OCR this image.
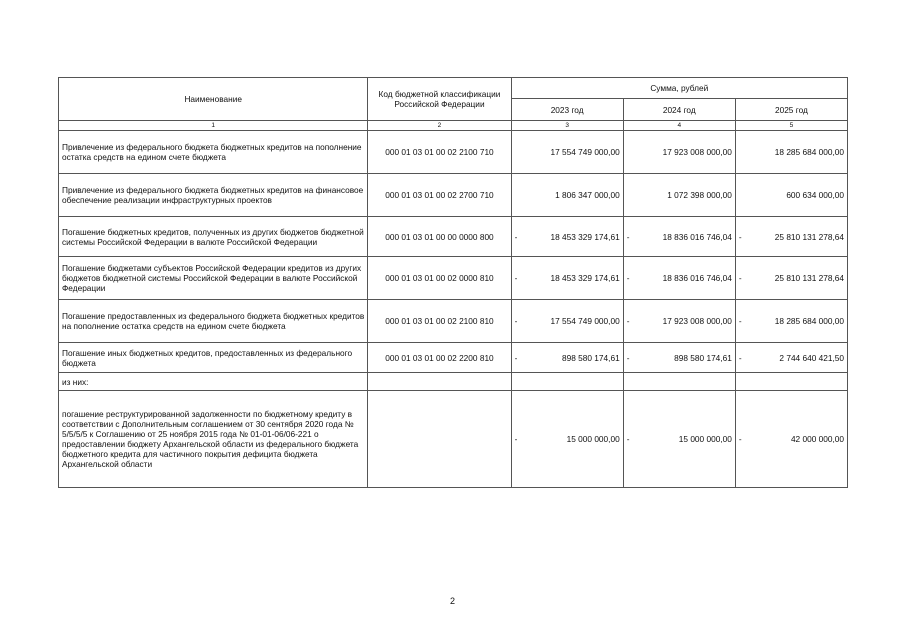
Наименование	Код бюджетной классификации Российской Федерации	Сумма, рублей		
		2023 год	2024 год	2025 год
1	2	3	4	5
Привлечение из федерального бюджета бюджетных кредитов на пополнение остатка средств на едином счете бюджета	000 01 03 01 00 02 2100 710	17 554 749 000,00	17 923 008 000,00	18 285 684 000,00
Привлечение из федерального бюджета бюджетных кредитов на финансовое обеспечение реализации инфраструктурных проектов	000 01 03 01 00 02 2700 710	1 806 347 000,00	1 072 398 000,00	600 634 000,00
Погашение бюджетных кредитов, полученных из других бюджетов бюджетной системы Российской Федерации в валюте Российской Федерации	000 01 03 01 00 00 0000 800	- 18 453 329 174,61	- 18 836 016 746,04	- 25 810 131 278,64
Погашение бюджетами субъектов Российской Федерации кредитов из других бюджетов бюджетной системы Российской Федерации в валюте Российской Федерации	000 01 03 01 00 02 0000 810	- 18 453 329 174,61	- 18 836 016 746,04	- 25 810 131 278,64
Погашение предоставленных из федерального бюджета бюджетных кредитов на пополнение остатка средств на едином счете бюджета	000 01 03 01 00 02 2100 810	- 17 554 749 000,00	- 17 923 008 000,00	- 18 285 684 000,00
Погашение иных бюджетных кредитов, предоставленных из федерального бюджета	000 01 03 01 00 02 2200 810	- 898 580 174,61	- 898 580 174,61	- 2 744 640 421,50
из них:				
погашение реструктурированной задолженности по бюджетному кредиту в соответствии с Дополнительным соглашением от 30 сентября 2020 года № 5/5/5/5 к Соглашению от 25 ноября 2015 года № 01-01-06/06-221 о предоставлении бюджету Архангельской области из федерального бюджета бюджетного кредита для частичного покрытия дефицита бюджета Архангельской области		- 15 000 000,00	- 15 000 000,00	- 42 000 000,00
2
